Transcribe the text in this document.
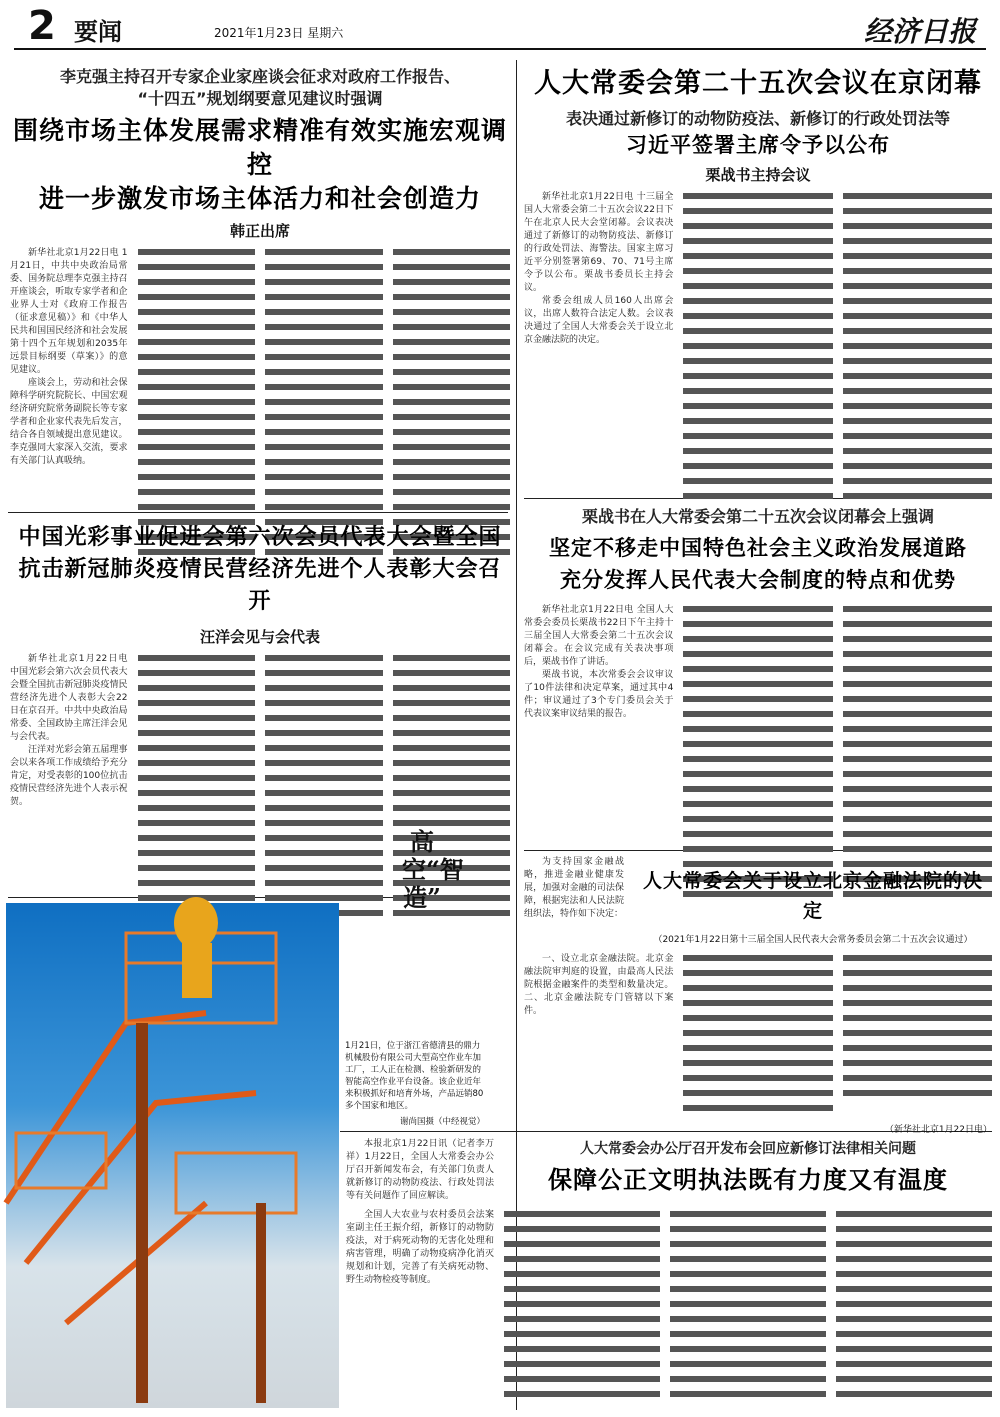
2 要闻	2021年1月23日 星期六	经济日报
李克强主持召开专家企业家座谈会征求对政府工作报告、
“十四五”规划纲要意见建议时强调
围绕市场主体发展需求精准有效实施宏观调控
进一步激发市场主体活力和社会创造力
韩正出席

新华社北京1月22日电 1月21日，中共中央政治局常委、国务院总理李克强主持召开座谈会，听取专家学者和企业界人士对《政府工作报告（征求意见稿）》和《中华人民共和国国民经济和社会发展第十四个五年规划和2035年远景目标纲要（草案）》的意见建议。

座谈会上，劳动和社会保障科学研究院院长、中国宏观经济研究院常务副院长等专家学者和企业家代表先后发言，结合各自领域提出意见建议。李克强同大家深入交流，要求有关部门认真吸纳。

人大常委会第二十五次会议在京闭幕
表决通过新修订的动物防疫法、新修订的行政处罚法等
习近平签署主席令予以公布
栗战书主持会议

新华社北京1月22日电 十三届全国人大常委会第二十五次会议22日下午在北京人民大会堂闭幕。会议表决通过了新修订的动物防疫法、新修订的行政处罚法、海警法。国家主席习近平分别签署第69、70、71号主席令予以公布。栗战书委员长主持会议。

常委会组成人员160人出席会议，出席人数符合法定人数。会议表决通过了全国人大常委会关于设立北京金融法院的决定。

中国光彩事业促进会第六次会员代表大会暨全国
抗击新冠肺炎疫情民营经济先进个人表彰大会召开
汪洋会见与会代表

新华社北京1月22日电 中国光彩会第六次会员代表大会暨全国抗击新冠肺炎疫情民营经济先进个人表彰大会22日在京召开。中共中央政治局常委、全国政协主席汪洋会见与会代表。

汪洋对光彩会第五届理事会以来各项工作成绩给予充分肯定，对受表彰的100位抗击疫情民营经济先进个人表示祝贺。

栗战书在人大常委会第二十五次会议闭幕会上强调
坚定不移走中国特色社会主义政治发展道路
充分发挥人民代表大会制度的特点和优势

新华社北京1月22日电 全国人大常委会委员长栗战书22日下午主持十三届全国人大常委会第二十五次会议闭幕会。在会议完成有关表决事项后，栗战书作了讲话。

栗战书说，本次常委会会议审议了10件法律和决定草案，通过其中4件；审议通过了3个专门委员会关于代表议案审议结果的报告。

为支持国家金融战略，推进金融业健康发展，加强对金融的司法保障，根据宪法和人民法院组织法，特作如下决定：

人大常委会关于设立北京金融法院的决定
（2021年1月22日第十三届全国人民代表大会常务委员会第二十五次会议通过）

一、设立北京金融法院。北京金融法院审判庭的设置，由最高人民法院根据金融案件的类型和数量决定。二、北京金融法院专门管辖以下案件。

（新华社北京1月22日电）
高空“智造”
1月21日，位于浙江省德清县的鼎力机械股份有限公司大型高空作业车加工厂，工人正在检测、检验新研发的智能高空作业平台设备。该企业近年来积极抓好和培育外场，产品远销80多个国家和地区。
谢尚国摄（中经视觉）

本报北京1月22日讯（记者李万祥）1月22日，全国人大常委会办公厅召开新闻发布会，有关部门负责人就新修订的动物防疫法、行政处罚法等有关问题作了回应解读。

人大常委会办公厅召开发布会回应新修订法律相关问题
保障公正文明执法既有力度又有温度

全国人大农业与农村委员会法案室副主任王振介绍，新修订的动物防疫法，对于病死动物的无害化处理和病害管理，明确了动物疫病净化消灭规划和计划，完善了有关病死动物、野生动物检疫等制度。
